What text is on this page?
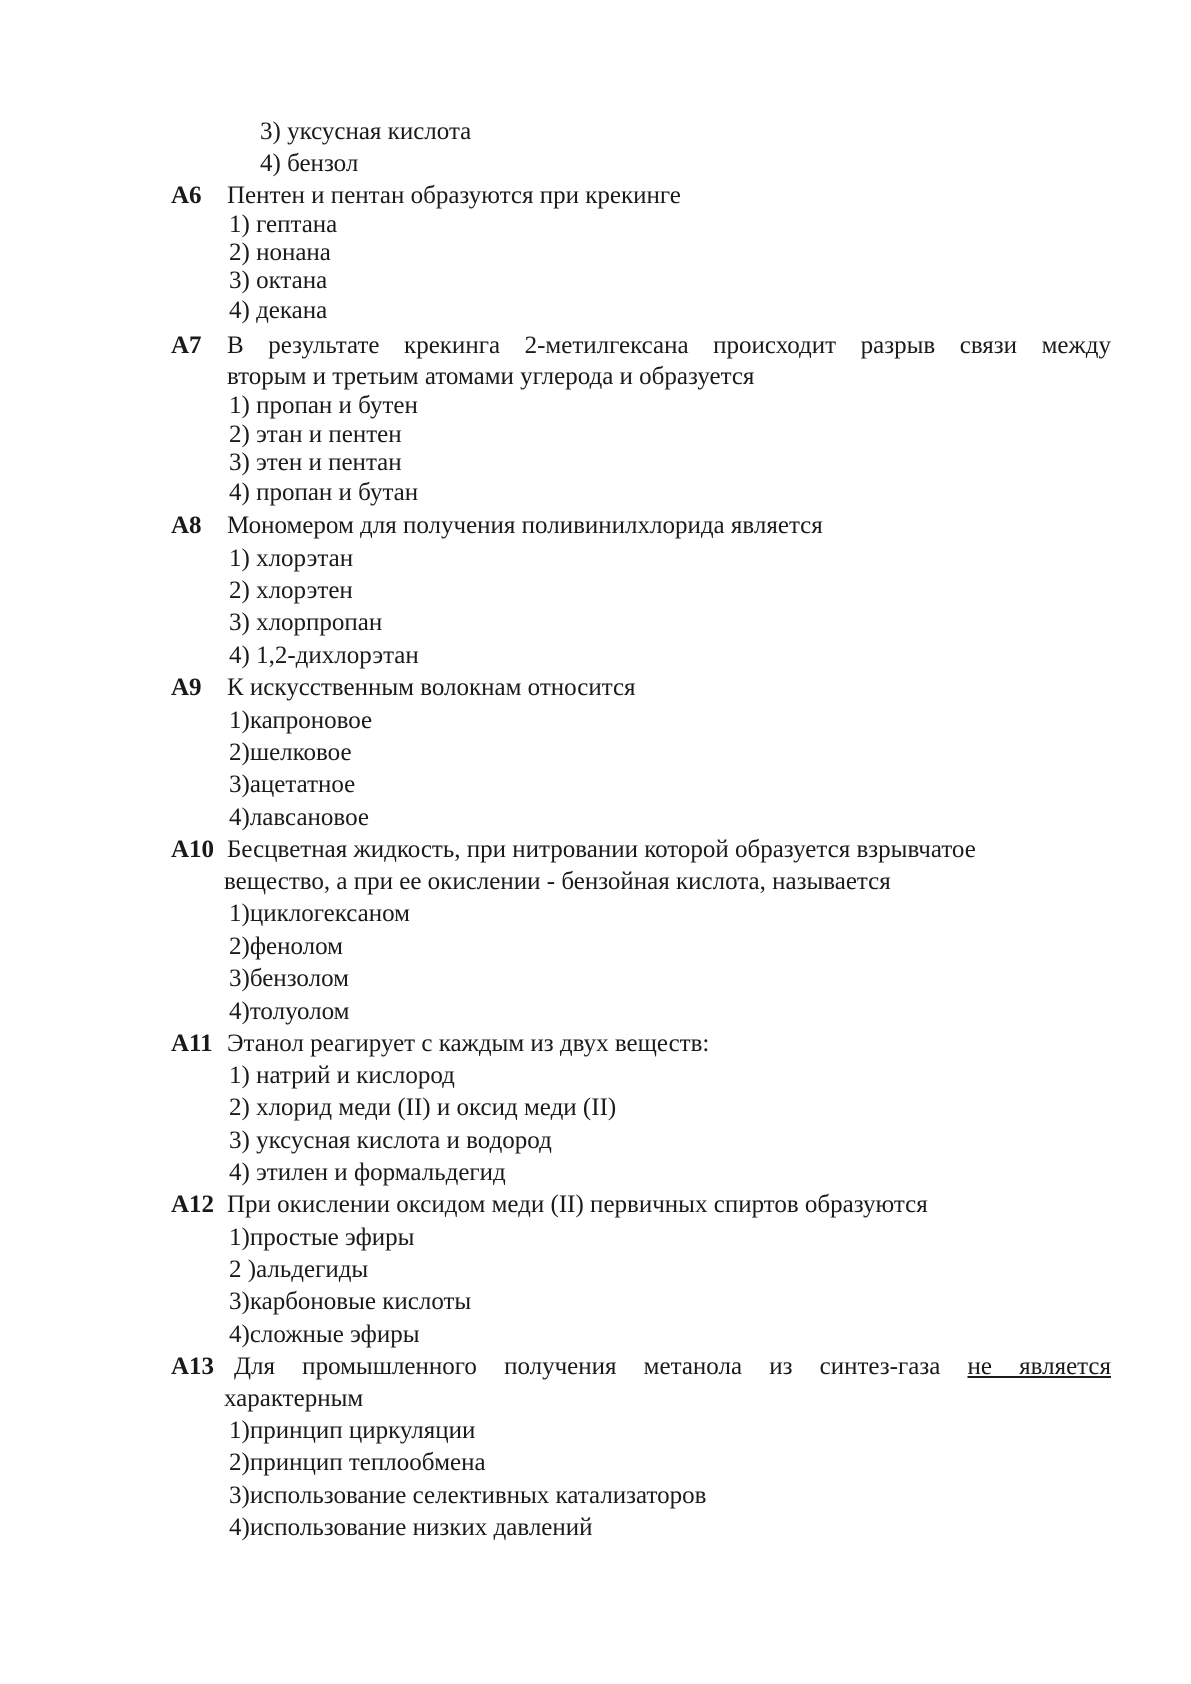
3) уксусная кислота
4) бензол
А6 Пентен и пентан образуются при крекинге
1) гептана
2) нонана
3) октана
4) декана
А7 В результате крекинга 2-метилгексана происходит разрыв связи между
вторым и третьим атомами углерода и образуется
1) пропан и бутен
2) этан и пентен
3) этен и пентан
4) пропан и бутан
А8 Мономером для получения поливинилхлорида является
1) хлорэтан
2) хлорэтен
3) хлорпропан
4) 1,2-дихлорэтан
А9 К искусственным волокнам относится
1)капроновое
2)шелковое
3)ацетатное
4)лавсановое
А10 Бесцветная жидкость, при нитровании которой образуется взрывчатое
вещество, а при ее окислении - бензойная кислота, называется
1)циклогексаном
2)фенолом
3)бензолом
4)толуолом
А11 Этанол реагирует с каждым из двух веществ:
1) натрий и кислород
2) хлорид меди (II) и оксид меди (II)
3) уксусная кислота и водород
4) этилен и формальдегид
А12 При окислении оксидом меди (II) первичных спиртов образуются
1)простые эфиры
2 )альдегиды
3)карбоновые кислоты
4)сложные эфиры
А13 Для промышленного получения метанола из синтез-газа не является
характерным
1)принцип циркуляции
2)принцип теплообмена
3)использование селективных катализаторов
4)использование низких давлений
